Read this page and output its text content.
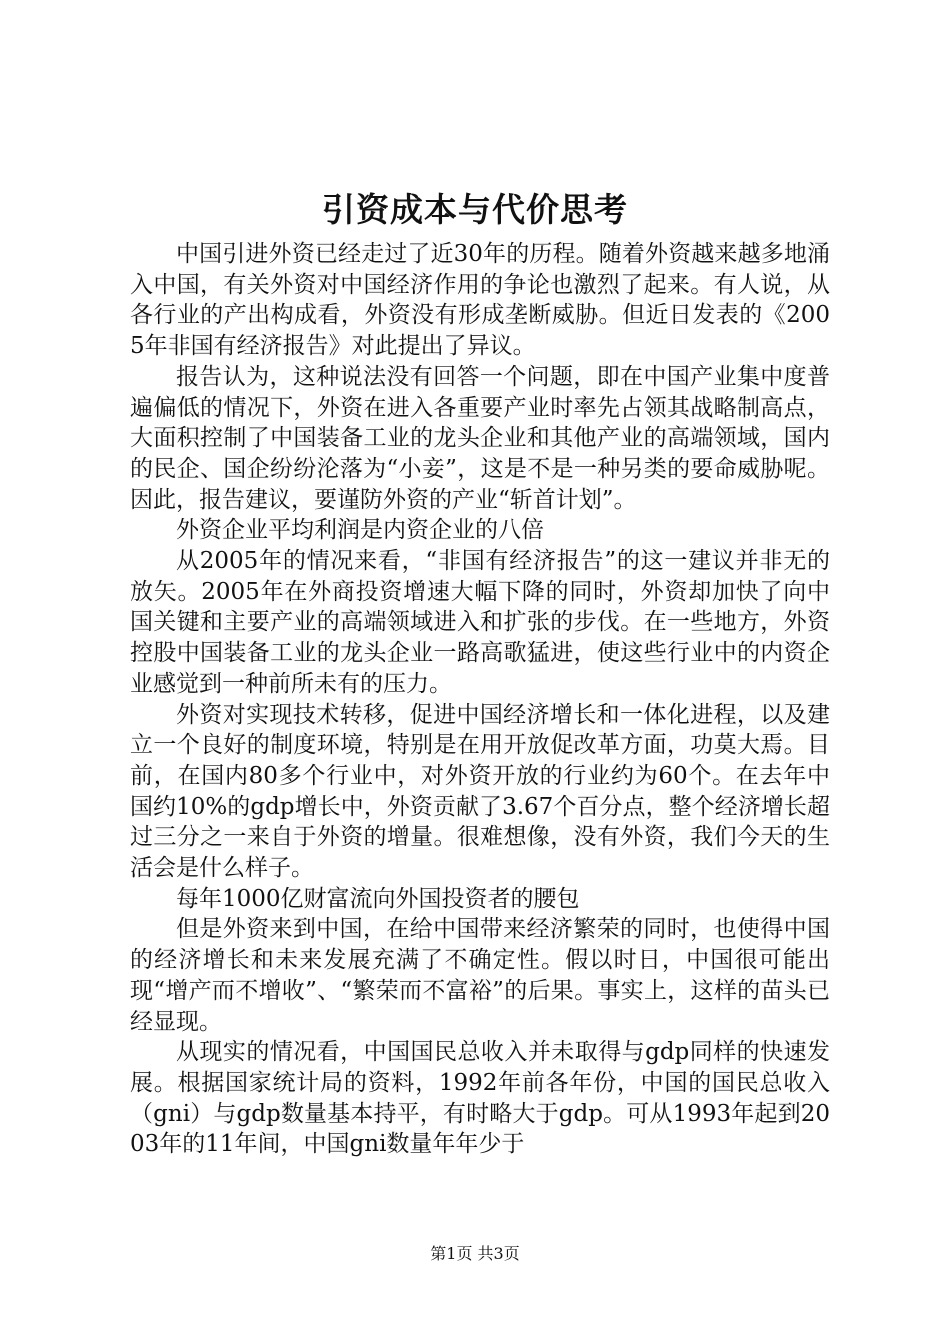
引资成本与代价思考

中国引进外资已经走过了近30年的历程。随着外资越来越多地涌入中国，有关外资对中国经济作用的争论也激烈了起来。有人说，从各行业的产出构成看，外资没有形成垄断威胁。但近日发表的《2005年非国有经济报告》对此提出了异议。

报告认为，这种说法没有回答一个问题，即在中国产业集中度普遍偏低的情况下，外资在进入各重要产业时率先占领其战略制高点，大面积控制了中国装备工业的龙头企业和其他产业的高端领域，国内的民企、国企纷纷沦落为“小妾”，这是不是一种另类的要命威胁呢。因此，报告建议，要谨防外资的产业“斩首计划”。

外资企业平均利润是内资企业的八倍

从2005年的情况来看，“非国有经济报告”的这一建议并非无的放矢。2005年在外商投资增速大幅下降的同时，外资却加快了向中国关键和主要产业的高端领域进入和扩张的步伐。在一些地方，外资控股中国装备工业的龙头企业一路高歌猛进，使这些行业中的内资企业感觉到一种前所未有的压力。

外资对实现技术转移，促进中国经济增长和一体化进程，以及建立一个良好的制度环境，特别是在用开放促改革方面，功莫大焉。目前，在国内80多个行业中，对外资开放的行业约为60个。在去年中国约10%的gdp增长中，外资贡献了3.67个百分点，整个经济增长超过三分之一来自于外资的增量。很难想像，没有外资，我们今天的生活会是什么样子。

每年1000亿财富流向外国投资者的腰包

但是外资来到中国，在给中国带来经济繁荣的同时，也使得中国的经济增长和未来发展充满了不确定性。假以时日，中国很可能出现“增产而不增收”、“繁荣而不富裕”的后果。事实上，这样的苗头已经显现。

从现实的情况看，中国国民总收入并未取得与gdp同样的快速发展。根据国家统计局的资料，1992年前各年份，中国的国民总收入（gni）与gdp数量基本持平，有时略大于gdp。可从1993年起到2003年的11年间，中国gni数量年年少于

第1页 共3页
